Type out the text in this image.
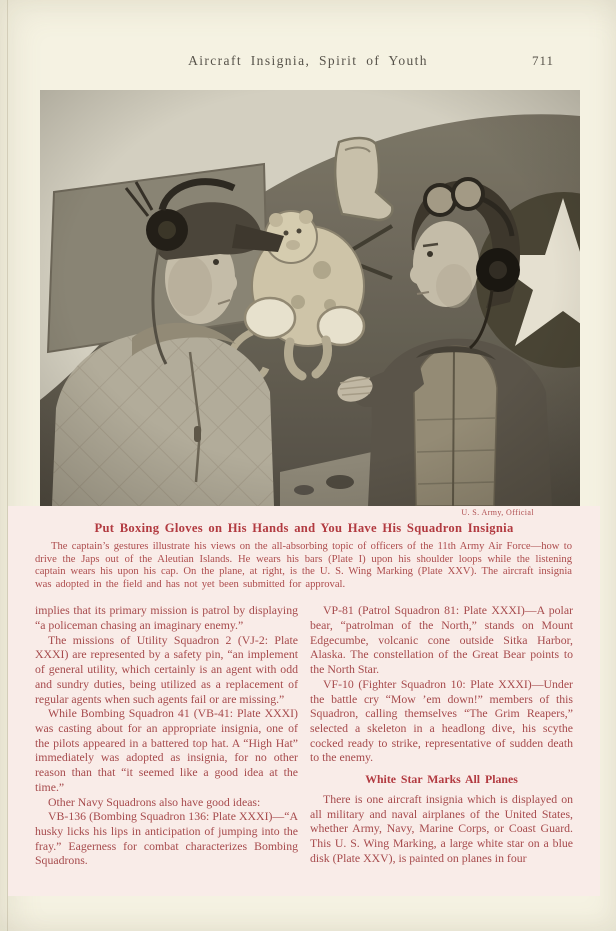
Aircraft Insignia, Spirit of Youth	711
U. S. Army, Official
Put Boxing Gloves on His Hands and You Have His Squadron Insignia
The captain’s gestures illustrate his views on the all-absorbing topic of officers of the 11th Army Air Force—how to drive the Japs out of the Aleutian Islands. He wears his bars (Plate I) upon his shoulder loops while the listening captain wears his upon his cap. On the plane, at right, is the U. S. Wing Marking (Plate XXV). The aircraft insignia was adopted in the field and has not yet been submitted for approval.

implies that its primary mission is patrol by displaying “a policeman chasing an imaginary enemy.”

The missions of Utility Squadron 2 (VJ-2: Plate XXXI) are represented by a safety pin, “an implement of general utility, which certainly is an agent with odd and sundry duties, being utilized as a replacement of regular agents when such agents fail or are missing.”

While Bombing Squadron 41 (VB-41: Plate XXXI) was casting about for an appropriate insignia, one of the pilots appeared in a battered top hat. A “High Hat” immediately was adopted as insignia, for no other reason than that “it seemed like a good idea at the time.”

Other Navy Squadrons also have good ideas:

VB-136 (Bombing Squadron 136: Plate XXXI)—“A husky licks his lips in anticipation of jumping into the fray.” Eagerness for combat characterizes Bombing Squadrons.

VP-81 (Patrol Squadron 81: Plate XXXI)—A polar bear, “patrolman of the North,” stands on Mount Edgecumbe, volcanic cone outside Sitka Harbor, Alaska. The constellation of the Great Bear points to the North Star.

VF-10 (Fighter Squadron 10: Plate XXXI)—Under the battle cry “Mow ’em down!” members of this Squadron, calling themselves “The Grim Reapers,” selected a skeleton in a headlong dive, his scythe cocked ready to strike, representative of sudden death to the enemy.

White Star Marks All Planes

There is one aircraft insignia which is displayed on all military and naval airplanes of the United States, whether Army, Navy, Marine Corps, or Coast Guard. This U. S. Wing Marking, a large white star on a blue disk (Plate XXV), is painted on planes in four
